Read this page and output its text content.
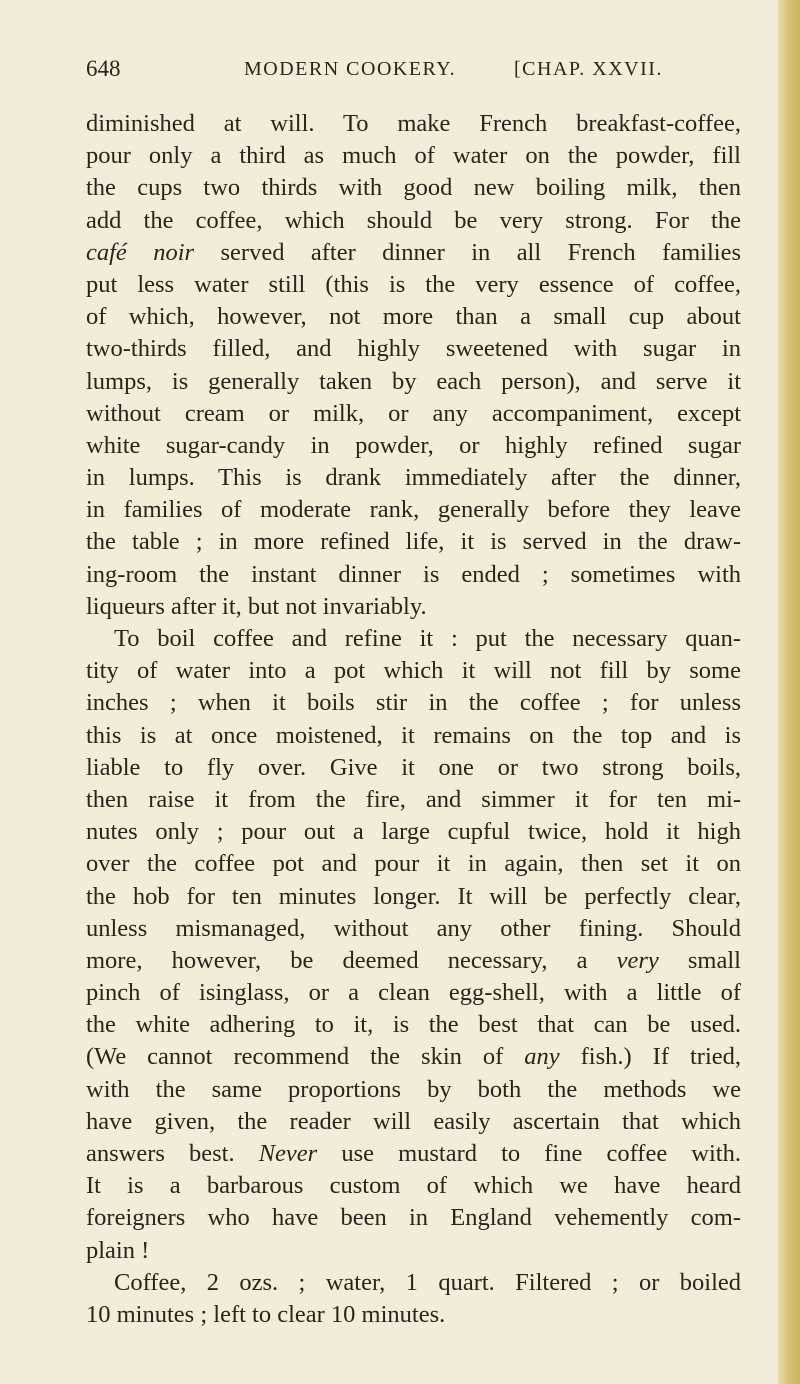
648	MODERN COOKERY.	[CHAP. XXVII.
diminished at will. To make French breakfast-coffee,
pour only a third as much of water on the powder, fill
the cups two thirds with good new boiling milk, then
add the coffee, which should be very strong. For the
café noir served after dinner in all French families
put less water still (this is the very essence of coffee,
of which, however, not more than a small cup about
two-thirds filled, and highly sweetened with sugar in
lumps, is generally taken by each person), and serve it
without cream or milk, or any accompaniment, except
white sugar-candy in powder, or highly refined sugar
in lumps. This is drank immediately after the dinner,
in families of moderate rank, generally before they leave
the table ; in more refined life, it is served in the draw-
ing-room the instant dinner is ended ; sometimes with
liqueurs after it, but not invariably.
To boil coffee and refine it : put the necessary quan-
tity of water into a pot which it will not fill by some
inches ; when it boils stir in the coffee ; for unless
this is at once moistened, it remains on the top and is
liable to fly over. Give it one or two strong boils,
then raise it from the fire, and simmer it for ten mi-
nutes only ; pour out a large cupful twice, hold it high
over the coffee pot and pour it in again, then set it on
the hob for ten minutes longer. It will be perfectly clear,
unless mismanaged, without any other fining. Should
more, however, be deemed necessary, a very small
pinch of isinglass, or a clean egg-shell, with a little of
the white adhering to it, is the best that can be used.
(We cannot recommend the skin of any fish.) If tried,
with the same proportions by both the methods we
have given, the reader will easily ascertain that which
answers best. Never use mustard to fine coffee with.
It is a barbarous custom of which we have heard
foreigners who have been in England vehemently com-
plain !
Coffee, 2 ozs. ; water, 1 quart. Filtered ; or boiled
10 minutes ; left to clear 10 minutes.
